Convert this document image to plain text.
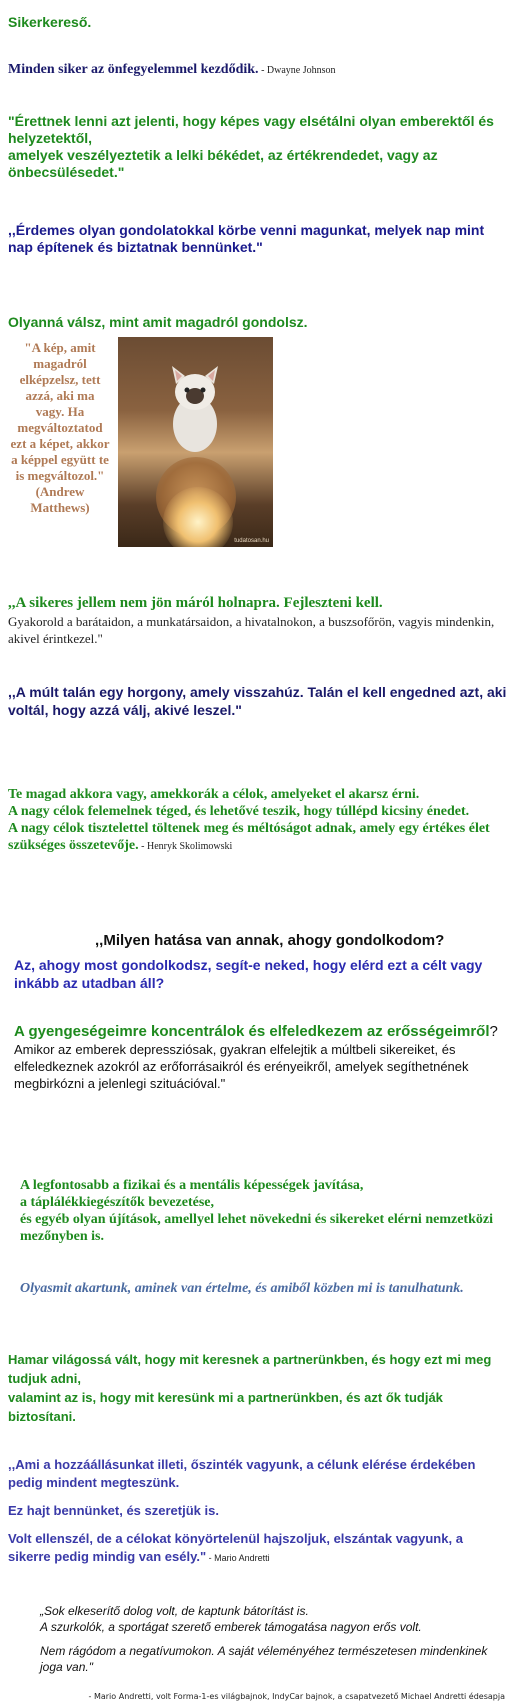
Sikerkereső.

Minden siker az önfegyelemmel kezdődik. - Dwayne Johnson

"Érettnek lenni azt jelenti, hogy képes vagy elsétálni olyan emberektől és helyzetektől,

amelyek veszélyeztetik a lelki békédet, az értékrendedet, vagy az önbecsülésedet."

,,Érdemes olyan gondolatokkal körbe venni magunkat, melyek nap mint nap építenek és biztatnak bennünket."

Olyanná válsz, mint amit magadról gondolsz.

"A kép, amit magadról elképzelsz, tett azzá, aki ma vagy. Ha megváltoztatod ezt a képet, akkor a képpel együtt te is megváltozol." (Andrew Matthews)

tudatosan.hu

,,A sikeres jellem nem jön máról holnapra. Fejleszteni kell.

Gyakorold a barátaidon, a munkatársaidon, a hivatalnokon, a buszsofőrön, vagyis mindenkin, akivel érintkezel."

,,A múlt talán egy horgony, amely visszahúz. Talán el kell engedned azt, aki voltál, hogy azzá válj, akivé leszel."

Te magad akkora vagy, amekkorák a célok, amelyeket el akarsz érni.

A nagy célok felemelnek téged, és lehetővé teszik, hogy túllépd kicsiny énedet.

A nagy célok tisztelettel töltenek meg és méltóságot adnak, amely egy értékes élet szükséges összetevője. - Henryk Skolimowski

,,Milyen hatása van annak, ahogy gondolkodom?

Az, ahogy most gondolkodsz, segít-e neked, hogy elérd ezt a célt vagy inkább az utadban áll?

A gyengeségeimre koncentrálok és elfeledkezem az erősségeimről?

Amikor az emberek depressziósak, gyakran elfelejtik a múltbeli sikereiket, és elfeledkeznek azokról az erőforrásaikról és erényeikről, amelyek segíthetnének megbirkózni a jelenlegi szituációval."

A legfontosabb a fizikai és a mentális képességek javítása,

a táplálékkiegészítők bevezetése,

és egyéb olyan újítások, amellyel lehet növekedni és sikereket elérni nemzetközi mezőnyben is.

Olyasmit akartunk, aminek van értelme, és amiből közben mi is tanulhatunk.

Hamar világossá vált, hogy mit keresnek a partnerünkben, és hogy ezt mi meg tudjuk adni,

valamint az is, hogy mit keresünk mi a partnerünkben, és azt ők tudják biztosítani.

,,Ami a hozzáállásunkat illeti, őszinték vagyunk, a célunk elérése érdekében pedig mindent megteszünk.

Ez hajt bennünket, és szeretjük is.

Volt ellenszél, de a célokat könyörtelenül hajszoljuk, elszántak vagyunk, a sikerre pedig mindig van esély." - Mario Andretti

„Sok elkeserítő dolog volt, de kaptunk bátorítást is.

A szurkolók, a sportágat szerető emberek támogatása nagyon erős volt.

Nem rágódom a negatívumokon. A saját véleményéhez természetesen mindenkinek joga van."

- Mario Andretti, volt Forma-1-es világbajnok, IndyCar bajnok, a csapatvezető Michael Andretti édesapja
